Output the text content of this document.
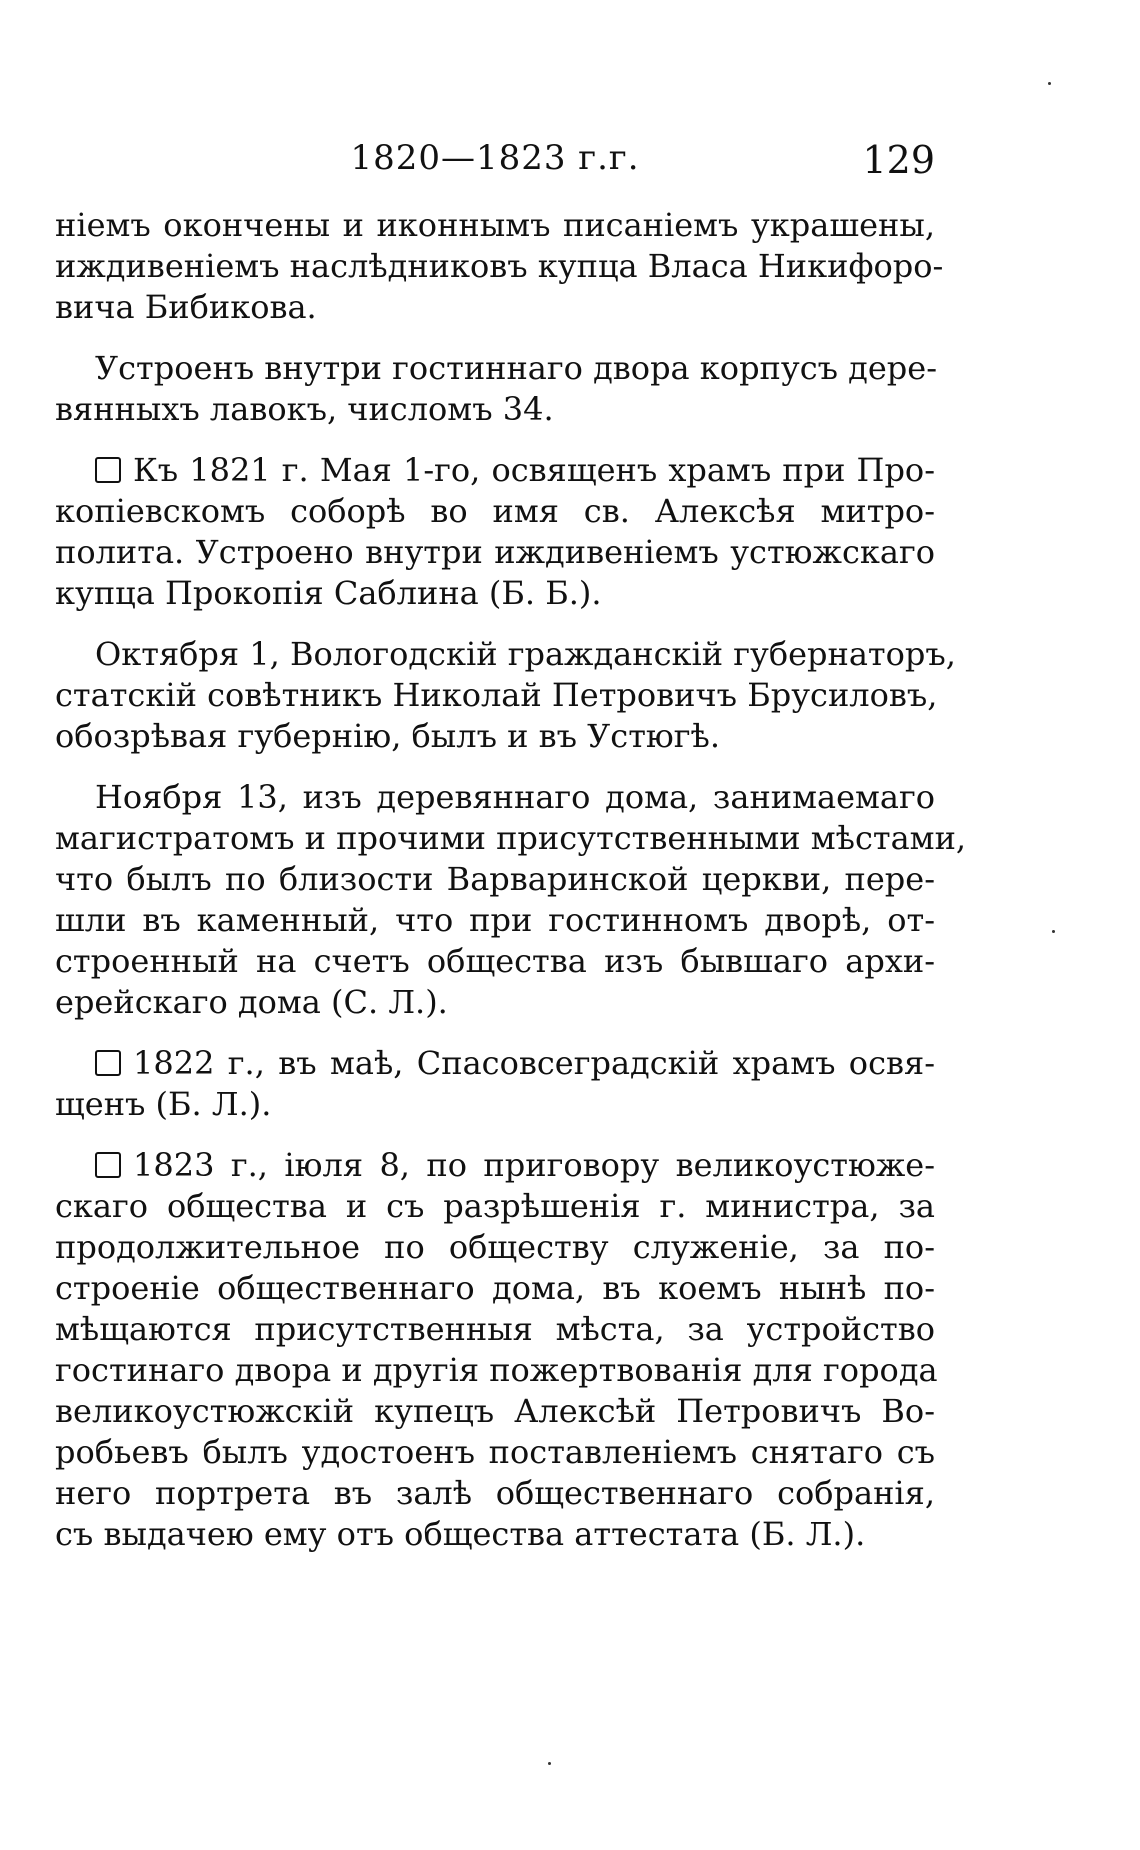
1820—1823 г.г.	129

ніемъ окончены и иконнымъ писаніемъ украшены,
иждивеніемъ наслѣдниковъ купца Власа Никифоро-
вича Бибикова.

Устроенъ внутри гостиннаго двора корпусъ дере-
вянныхъ лавокъ, числомъ 34.

Къ 1821 г. Мая 1-го, освященъ храмъ при Про-
копіевскомъ соборѣ во имя св. Алексѣя митро-
полита. Устроено внутри иждивеніемъ устюжскаго
купца Прокопія Саблина (Б. Б.).

Октября 1, Вологодскій гражданскій губернаторъ,
статскій совѣтникъ Николай Петровичъ Брусиловъ,
обозрѣвая губернію, былъ и въ Устюгѣ.

Ноября 13, изъ деревяннаго дома, занимаемаго
магистратомъ и прочими присутственными мѣстами,
что былъ по близости Варваринской церкви, пере-
шли въ каменный, что при гостинномъ дворѣ, от-
строенный на счетъ общества изъ бывшаго архи-
ерейскаго дома (С. Л.).

1822 г., въ маѣ, Спасовсеградскій храмъ освя-
щенъ (Б. Л.).

1823 г., іюля 8, по приговору великоустюже-
скаго общества и съ разрѣшенія г. министра, за
продолжительное по обществу служеніе, за по-
строеніе общественнаго дома, въ коемъ нынѣ по-
мѣщаются присутственныя мѣста, за устройство
гостинаго двора и другія пожертвованія для города
великоустюжскій купецъ Алексѣй Петровичъ Во-
робьевъ былъ удостоенъ поставленіемъ снятаго съ
него портрета въ залѣ общественнаго собранія,
съ выдачею ему отъ общества аттестата (Б. Л.).
